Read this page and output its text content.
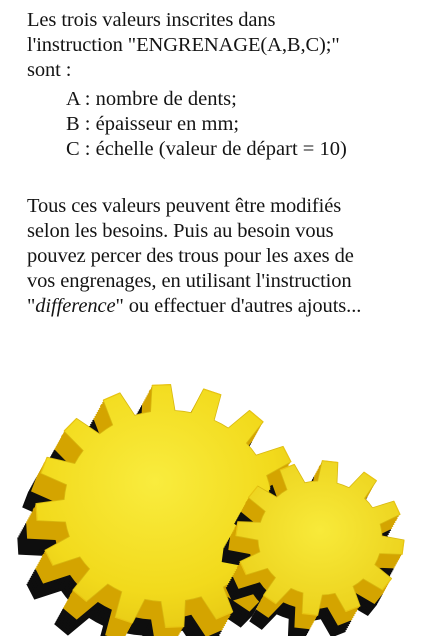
Les trois valeurs inscrites dans
l'instruction "ENGRENAGE(A,B,C);"
sont :
A : nombre de dents;
B : épaisseur en mm;
C : échelle (valeur de départ = 10)
Tous ces valeurs peuvent être modifiés
selon les besoins. Puis au besoin vous
pouvez percer des trous pour les axes de
vos engrenages, en utilisant l'instruction
"difference" ou effectuer d'autres ajouts...
